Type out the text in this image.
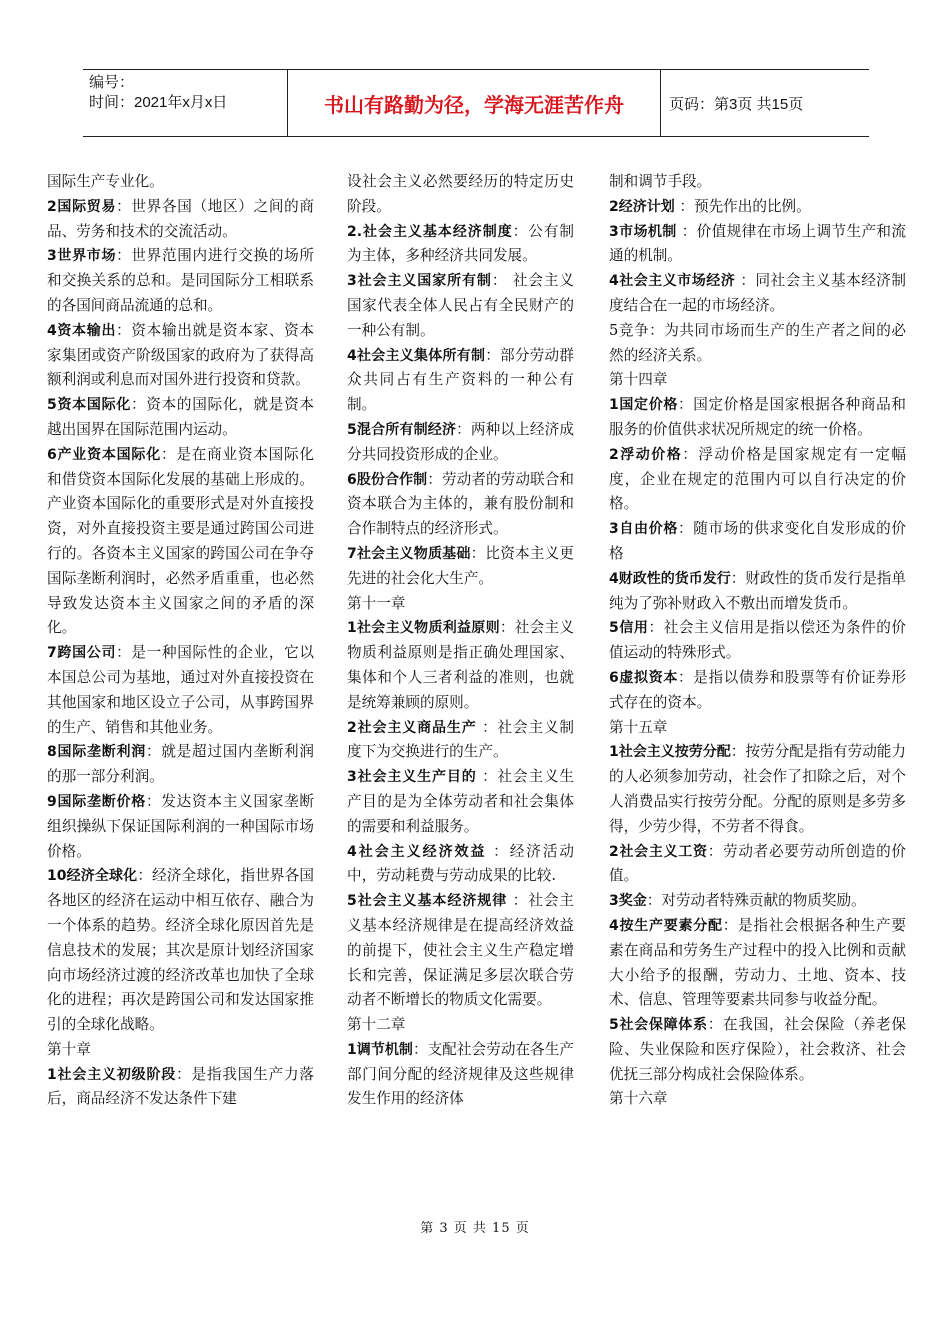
编号：
时间：2021年x月x日	书山有路勤为径，学海无涯苦作舟	页码：第3页 共15页

国际生产专业化。

2国际贸易：世界各国（地区）之间的商品、劳务和技术的交流活动。

3世界市场：世界范围内进行交换的场所和交换关系的总和。是同国际分工相联系的各国间商品流通的总和。

4资本输出：资本输出就是资本家、资本家集团或资产阶级国家的政府为了获得高额利润或利息而对国外进行投资和贷款。

5资本国际化：资本的国际化，就是资本越出国界在国际范围内运动。

6产业资本国际化：是在商业资本国际化和借贷资本国际化发展的基础上形成的。产业资本国际化的重要形式是对外直接投资，对外直接投资主要是通过跨国公司进行的。各资本主义国家的跨国公司在争夺国际垄断利润时，必然矛盾重重，也必然导致发达资本主义国家之间的矛盾的深化。

7跨国公司：是一种国际性的企业，它以本国总公司为基地，通过对外直接投资在其他国家和地区设立子公司，从事跨国界的生产、销售和其他业务。

8国际垄断利润：就是超过国内垄断利润的那一部分利润。

9国际垄断价格：发达资本主义国家垄断组织操纵下保证国际利润的一种国际市场价格。

10经济全球化：经济全球化，指世界各国各地区的经济在运动中相互依存、融合为一个体系的趋势。经济全球化原因首先是信息技术的发展；其次是原计划经济国家向市场经济过渡的经济改革也加快了全球化的进程；再次是跨国公司和发达国家推引的全球化战略。

第十章

1社会主义初级阶段：是指我国生产力落后，商品经济不发达条件下建

设社会主义必然要经历的特定历史阶段。

2.社会主义基本经济制度：公有制为主体，多种经济共同发展。

3社会主义国家所有制： 社会主义国家代表全体人民占有全民财产的一种公有制。

4社会主义集体所有制：部分劳动群众共同占有生产资料的一种公有制。

5混合所有制经济：两种以上经济成分共同投资形成的企业。

6股份合作制：劳动者的劳动联合和资本联合为主体的，兼有股份制和合作制特点的经济形式。

7社会主义物质基础：比资本主义更先进的社会化大生产。

第十一章

1社会主义物质利益原则：社会主义物质利益原则是指正确处理国家、集体和个人三者利益的准则，也就是统筹兼顾的原则。

2社会主义商品生产 ：社会主义制度下为交换进行的生产。

3社会主义生产目的 ：社会主义生产目的是为全体劳动者和社会集体的需要和利益服务。

4社会主义经济效益 ：经济活动中，劳动耗费与劳动成果的比较.

5社会主义基本经济规律 ：社会主义基本经济规律是在提高经济效益的前提下，使社会主义生产稳定增长和完善，保证满足多层次联合劳动者不断增长的物质文化需要。

第十二章

1调节机制：支配社会劳动在各生产部门间分配的经济规律及这些规律发生作用的经济体

制和调节手段。

2经济计划 ：预先作出的比例。

3市场机制 ：价值规律在市场上调节生产和流通的机制。

4社会主义市场经济 ：同社会主义基本经济制度结合在一起的市场经济。

5竞争：为共同市场而生产的生产者之间的必然的经济关系。

第十四章

1国定价格：国定价格是国家根据各种商品和服务的价值供求状况所规定的统一价格。

2浮动价格：浮动价格是国家规定有一定幅度，企业在规定的范围内可以自行决定的价格。

3自由价格：随市场的供求变化自发形成的价格

4财政性的货币发行：财政性的货币发行是指单纯为了弥补财政入不敷出而增发货币。

5信用：社会主义信用是指以偿还为条件的价值运动的特殊形式。

6虚拟资本：是指以债券和股票等有价证券形式存在的资本。

第十五章

1社会主义按劳分配：按劳分配是指有劳动能力的人必须参加劳动，社会作了扣除之后，对个人消费品实行按劳分配。分配的原则是多劳多得，少劳少得，不劳者不得食。

2社会主义工资：劳动者必要劳动所创造的价值。

3奖金：对劳动者特殊贡献的物质奖励。

4按生产要素分配：是指社会根据各种生产要素在商品和劳务生产过程中的投入比例和贡献大小给予的报酬，劳动力、土地、资本、技术、信息、管理等要素共同参与收益分配。

5社会保障体系：在我国，社会保险（养老保险、失业保险和医疗保险），社会救济、社会优抚三部分构成社会保险体系。

第十六章

第 3 页 共 15 页
